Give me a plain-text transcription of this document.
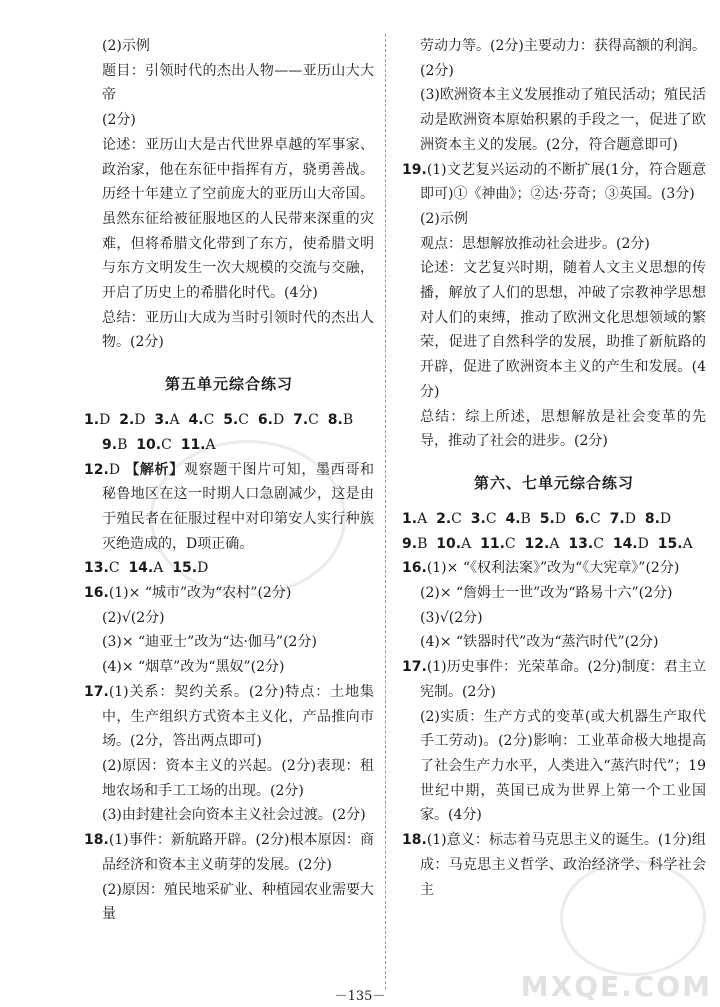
(2)示例

题目：引领时代的杰出人物——亚历山大大帝

(2分)

论述：亚历山大是古代世界卓越的军事家、政治家，他在东征中指挥有方，骁勇善战。历经十年建立了空前庞大的亚历山大帝国。虽然东征给被征服地区的人民带来深重的灾难，但将希腊文化带到了东方，使希腊文明与东方文明发生一次大规模的交流与交融，开启了历史上的希腊化时代。(4分)

总结：亚历山大成为当时引领时代的杰出人物。(2分)

第五单元综合练习

1.D 2.D 3.A 4.C 5.C 6.D 7.C 8.B

9.B 10.C 11.A

12.D 【解析】观察题干图片可知，墨西哥和秘鲁地区在这一时期人口急剧减少，这是由于殖民者在征服过程中对印第安人实行种族灭绝造成的，D项正确。

13.C 14.A 15.D

16.(1)× “城市”改为“农村”(2分)

(2)√(2分)

(3)× “迪亚士”改为“达·伽马”(2分)

(4)× “烟草”改为“黑奴”(2分)

17.(1)关系：契约关系。(2分)特点：土地集中，生产组织方式资本主义化，产品推向市场。(2分，答出两点即可)

(2)原因：资本主义的兴起。(2分)表现：租地农场和手工工场的出现。(2分)

(3)由封建社会向资本主义社会过渡。(2分)

18.(1)事件：新航路开辟。(2分)根本原因：商品经济和资本主义萌芽的发展。(2分)

(2)原因：殖民地采矿业、种植园农业需要大量

劳动力等。(2分)主要动力：获得高额的利润。(2分)

(3)欧洲资本主义发展推动了殖民活动；殖民活动是欧洲资本原始积累的手段之一，促进了欧洲资本主义的发展。(2分，符合题意即可)

19.(1)文艺复兴运动的不断扩展(1分，符合题意即可)①《神曲》；②达·芬奇；③英国。(3分)

(2)示例

观点：思想解放推动社会进步。(2分)

论述：文艺复兴时期，随着人文主义思想的传播，解放了人们的思想，冲破了宗教神学思想对人们的束缚，推动了欧洲文化思想领域的繁荣，促进了自然科学的发展，助推了新航路的开辟，促进了欧洲资本主义的产生和发展。(4分)

总结：综上所述，思想解放是社会变革的先导，推动了社会的进步。(2分)

第六、七单元综合练习

1.A 2.C 3.C 4.B 5.D 6.C 7.D 8.D

9.B 10.A 11.C 12.A 13.C 14.D 15.A

16.(1)× “《权利法案》”改为“《大宪章》”(2分)

(2)× “詹姆士一世”改为“路易十六”(2分)

(3)√(2分)

(4)× “铁器时代”改为“蒸汽时代”(2分)

17.(1)历史事件：光荣革命。(2分)制度：君主立宪制。(2分)

(2)实质：生产方式的变革(或大机器生产取代手工劳动)。(2分)影响：工业革命极大地提高了社会生产力水平，人类进入“蒸汽时代”；19世纪中期，英国已成为世界上第一个工业国家。(4分)

18.(1)意义：标志着马克思主义的诞生。(1分)组成：马克思主义哲学、政治经济学、科学社会主

－135－	MXQE.COM
